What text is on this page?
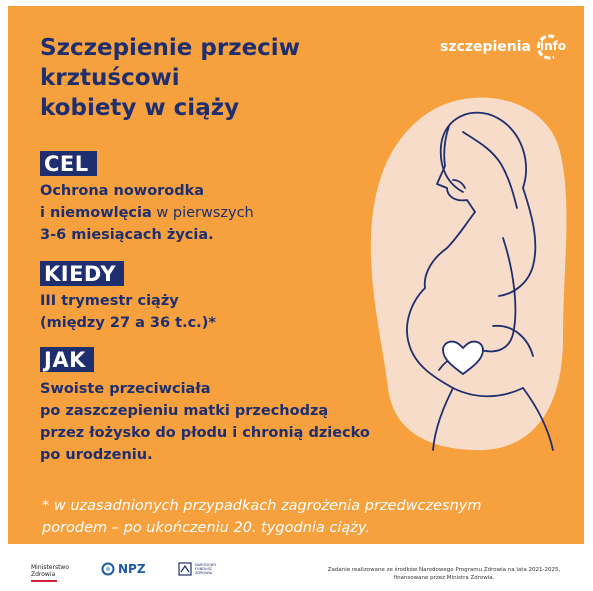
Szczepienie przeciw
krztuścowi
kobiety w ciąży
szczepienia info
CEL

Ochrona noworodka
i niemowlęcia w pierwszych
3-6 miesiącach życia.

KIEDY

III trymestr ciąży
(między 27 a 36 t.c.)*

JAK

Swoiste przeciwciała
po zaszczepieniu matki przechodzą
przez łożysko do płodu i chronią dziecko
po urodzeniu.

* w uzasadnionych przypadkach zagrożenia przedwczesnym
porodem – po ukończeniu 20. tygodnia ciąży.

Ministerstwo
Zdrowia	NPZ	NARODOWY FUNDUSZ ZDROWIA	Zadanie realizowane ze środków Narodowego Programu Zdrowia na lata 2021-2025,
finansowane przez Ministra Zdrowia.
